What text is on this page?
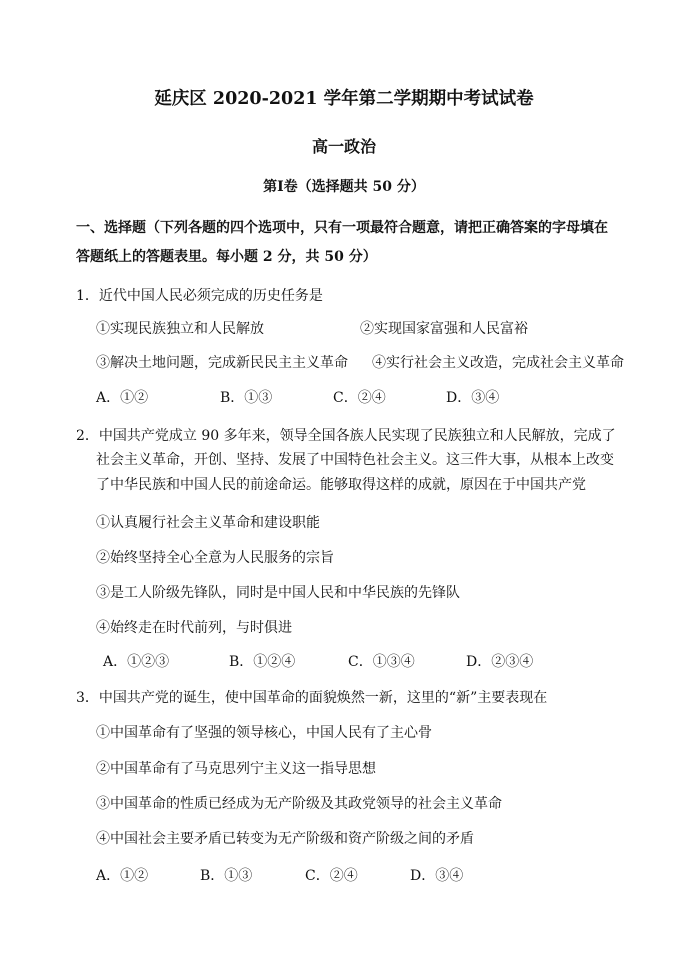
延庆区 2020-2021 学年第二学期期中考试试卷
高一政治
第Ⅰ卷（选择题共 50 分）
一、选择题（下列各题的四个选项中，只有一项最符合题意，请把正确答案的字母填在
答题纸上的答题表里。每小题 2 分，共 50 分）
1．近代中国人民必须完成的历史任务是
①实现民族独立和人民解放	②实现国家富强和人民富裕
③解决土地问题，完成新民民主主义革命 ④实行社会主义改造，完成社会主义革命
A．①②	B．①③	C．②④	D．③④
2．中国共产党成立 90 多年来，领导全国各族人民实现了民族独立和人民解放，完成了
社会主义革命，开创、坚持、发展了中国特色社会主义。这三件大事，从根本上改变
了中华民族和中国人民的前途命运。能够取得这样的成就，原因在于中国共产党
①认真履行社会主义革命和建设职能
②始终坚持全心全意为人民服务的宗旨
③是工人阶级先锋队，同时是中国人民和中华民族的先锋队
④始终走在时代前列，与时俱进
A．①②③	B．①②④	C．①③④	D．②③④
3．中国共产党的诞生，使中国革命的面貌焕然一新，这里的“新”主要表现在
①中国革命有了坚强的领导核心，中国人民有了主心骨
②中国革命有了马克思列宁主义这一指导思想
③中国革命的性质已经成为无产阶级及其政党领导的社会主义革命
④中国社会主要矛盾已转变为无产阶级和资产阶级之间的矛盾
A．①②	B．①③	C．②④	D．③④
